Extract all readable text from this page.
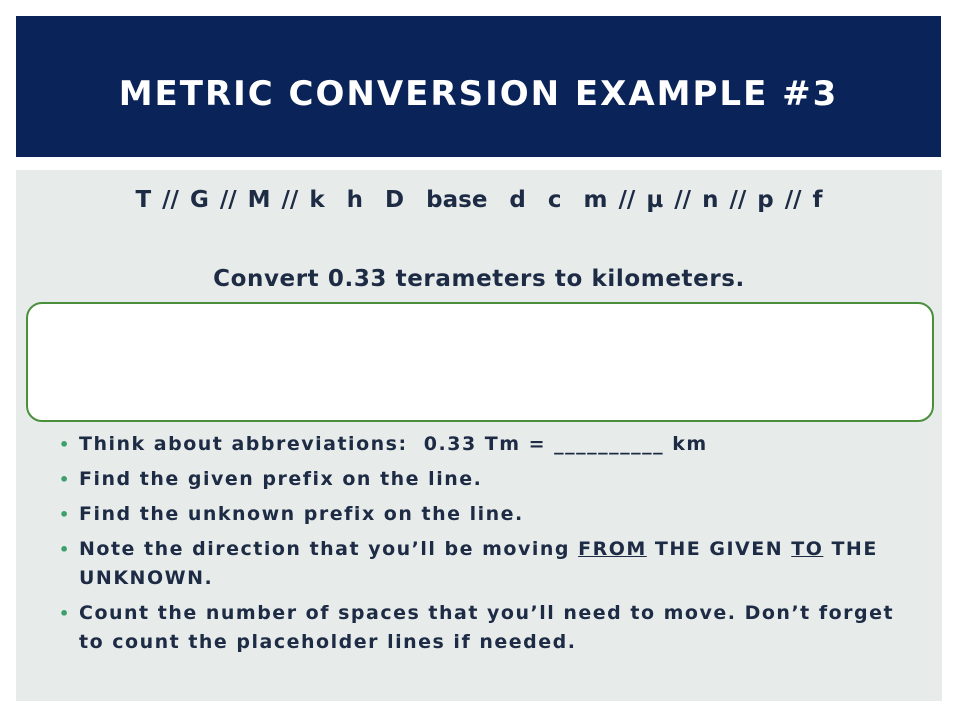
METRIC CONVERSION EXAMPLE #3
T // G // M // k  h  D  base  d  c  m // µ // n // p // f
Convert 0.33 terameters to kilometers.
• Think about abbreviations:  0.33 Tm = __________ km
• Find the given prefix on the line.
• Find the unknown prefix on the line.
• Note the direction that you’ll be moving FROM THE GIVEN TO THE UNKNOWN.
• Count the number of spaces that you’ll need to move. Don’t forget to count the placeholder lines if needed.
